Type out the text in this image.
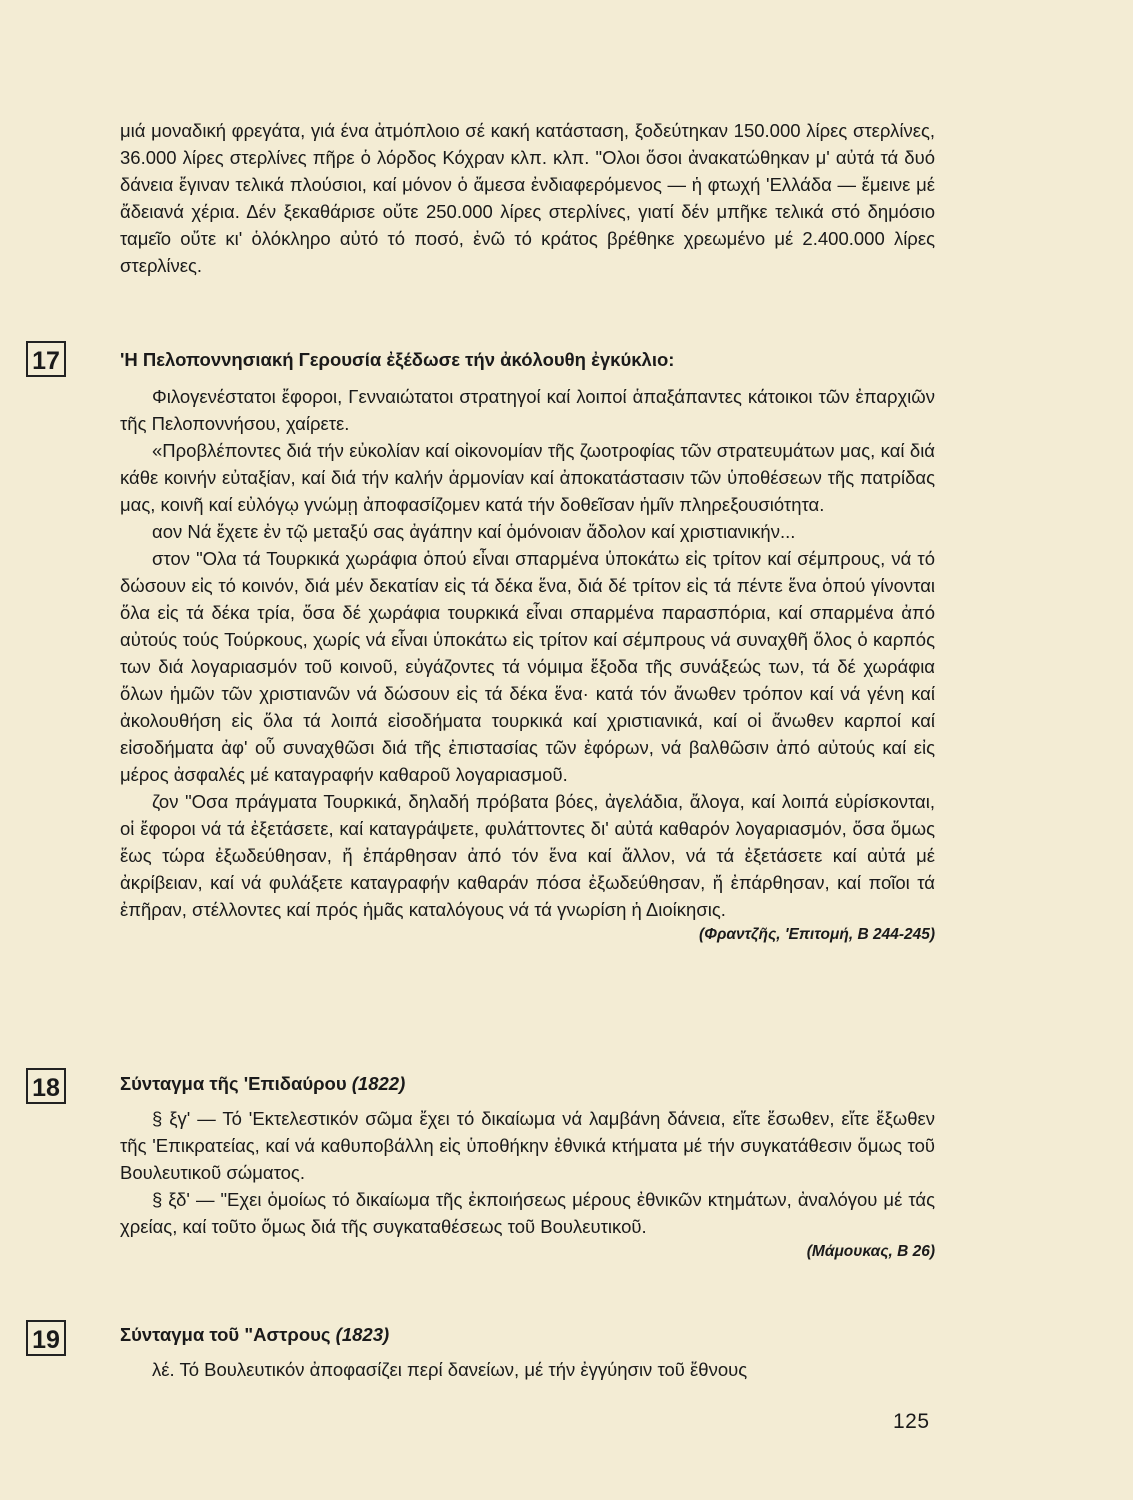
μιά μοναδική φρεγάτα, γιά ένα ἀτμόπλοιο σέ κακή κατάσταση, ξοδεύτηκαν 150.000 λίρες στερλίνες, 36.000 λίρες στερλίνες πῆρε ὁ λόρδος Κόχραν κλπ. κλπ. "Ολοι ὅσοι ἀνακατώθηκαν μ' αὐτά τά δυό δάνεια ἔγιναν τελικά πλούσιοι, καί μόνον ὁ ἄμεσα ἐνδιαφερόμενος — ἡ φτωχή 'Ελλάδα — ἔμεινε μέ ἄδειανά χέρια. Δέν ξεκαθάρισε οὔτε 250.000 λίρες στερλίνες, γιατί δέν μπῆκε τελικά στό δημόσιο ταμεῖο οὔτε κι' ὁλόκληρο αὐτό τό ποσό, ἐνῶ τό κράτος βρέθηκε χρεωμένο μέ 2.400.000 λίρες στερλίνες.

17	'Η Πελοποννησιακή Γερουσία ἐξέδωσε τήν ἀκόλουθη ἐγκύκλιο:

Φιλογενέστατοι ἔφοροι, Γενναιώτατοι στρατηγοί καί λοιποί ἁπαξάπαντες κάτοικοι τῶν ἐπαρχιῶν τῆς Πελοποννήσου, χαίρετε.

«Προβλέποντες διά τήν εὐκολίαν καί οἰκονομίαν τῆς ζωοτροφίας τῶν στρατευμάτων μας, καί διά κάθε κοινήν εὐταξίαν, καί διά τήν καλήν ἁρμονίαν καί ἀποκατάστασιν τῶν ὑποθέσεων τῆς πατρίδας μας, κοινῆ καί εὐλόγῳ γνώμῃ ἀποφασίζομεν κατά τήν δοθεῖσαν ἡμῖν πληρεξουσιότητα.

αον Νά ἔχετε ἐν τῷ μεταξύ σας ἀγάπην καί ὁμόνοιαν ἄδολον καί χριστιανικήν...

στον "Ολα τά Τουρκικά χωράφια ὁπού εἶναι σπαρμένα ὑποκάτω εἰς τρίτον καί σέμπρους, νά τό δώσουν εἰς τό κοινόν, διά μέν δεκατίαν εἰς τά δέκα ἕνα, διά δέ τρίτον εἰς τά πέντε ἕνα ὁπού γίνονται ὅλα εἰς τά δέκα τρία, ὅσα δέ χωράφια τουρκικά εἶναι σπαρμένα παρασπόρια, καί σπαρμένα ἀπό αὐτούς τούς Τούρκους, χωρίς νά εἶναι ὑποκάτω εἰς τρίτον καί σέμπρους νά συναχθῆ ὅλος ὁ καρπός των διά λογαριασμόν τοῦ κοινοῦ, εὐγάζοντες τά νόμιμα ἔξοδα τῆς συνάξεώς των, τά δέ χωράφια ὅλων ἡμῶν τῶν χριστιανῶν νά δώσουν εἰς τά δέκα ἕνα· κατά τόν ἄνωθεν τρόπον καί νά γένη καί ἀκολουθήση εἰς ὅλα τά λοιπά εἰσοδήματα τουρκικά καί χριστιανικά, καί οἱ ἄνωθεν καρποί καί εἰσοδήματα ἀφ' οὗ συναχθῶσι διά τῆς ἐπιστασίας τῶν ἐφόρων, νά βαλθῶσιν ἀπό αὐτούς καί εἰς μέρος ἀσφαλές μέ καταγραφήν καθαροῦ λογαριασμοῦ.

ζον "Οσα πράγματα Τουρκικά, δηλαδή πρόβατα βόες, ἀγελάδια, ἄλογα, καί λοιπά εὑρίσκονται, οἱ ἔφοροι νά τά ἐξετάσετε, καί καταγράψετε, φυλάττοντες δι' αὐτά καθαρόν λογαριασμόν, ὅσα ὅμως ἕως τώρα ἐξωδεύθησαν, ἤ ἐπάρθησαν ἀπό τόν ἕνα καί ἄλλον, νά τά ἐξετάσετε καί αὐτά μέ ἀκρίβειαν, καί νά φυλάξετε καταγραφήν καθαράν πόσα ἐξωδεύθησαν, ἤ ἐπάρθησαν, καί ποῖοι τά ἐπῆραν, στέλλοντες καί πρός ἡμᾶς καταλόγους νά τά γνωρίση ἡ Διοίκησις.

(Φραντζῆς, 'Επιτομή, Β 244-245)

18	Σύνταγμα τῆς 'Επιδαύρου (1822)

§ ξγ' — Τό 'Εκτελεστικόν σῶμα ἔχει τό δικαίωμα νά λαμβάνη δάνεια, εἴτε ἔσωθεν, εἴτε ἔξωθεν τῆς 'Επικρατείας, καί νά καθυποβάλλη εἰς ὑποθήκην ἐθνικά κτήματα μέ τήν συγκατάθεσιν ὅμως τοῦ Βουλευτικοῦ σώματος.

§ ξδ' — "Εχει ὁμοίως τό δικαίωμα τῆς ἐκποιήσεως μέρους ἐθνικῶν κτημάτων, ἀναλόγου μέ τάς χρείας, καί τοῦτο ὅμως διά τῆς συγκαταθέσεως τοῦ Βουλευτικοῦ.

(Μάμουκας, Β 26)

19	Σύνταγμα τοῦ "Αστρους (1823)

λέ. Τό Βουλευτικόν ἀποφασίζει περί δανείων, μέ τήν ἐγγύησιν τοῦ ἔθνους

125
